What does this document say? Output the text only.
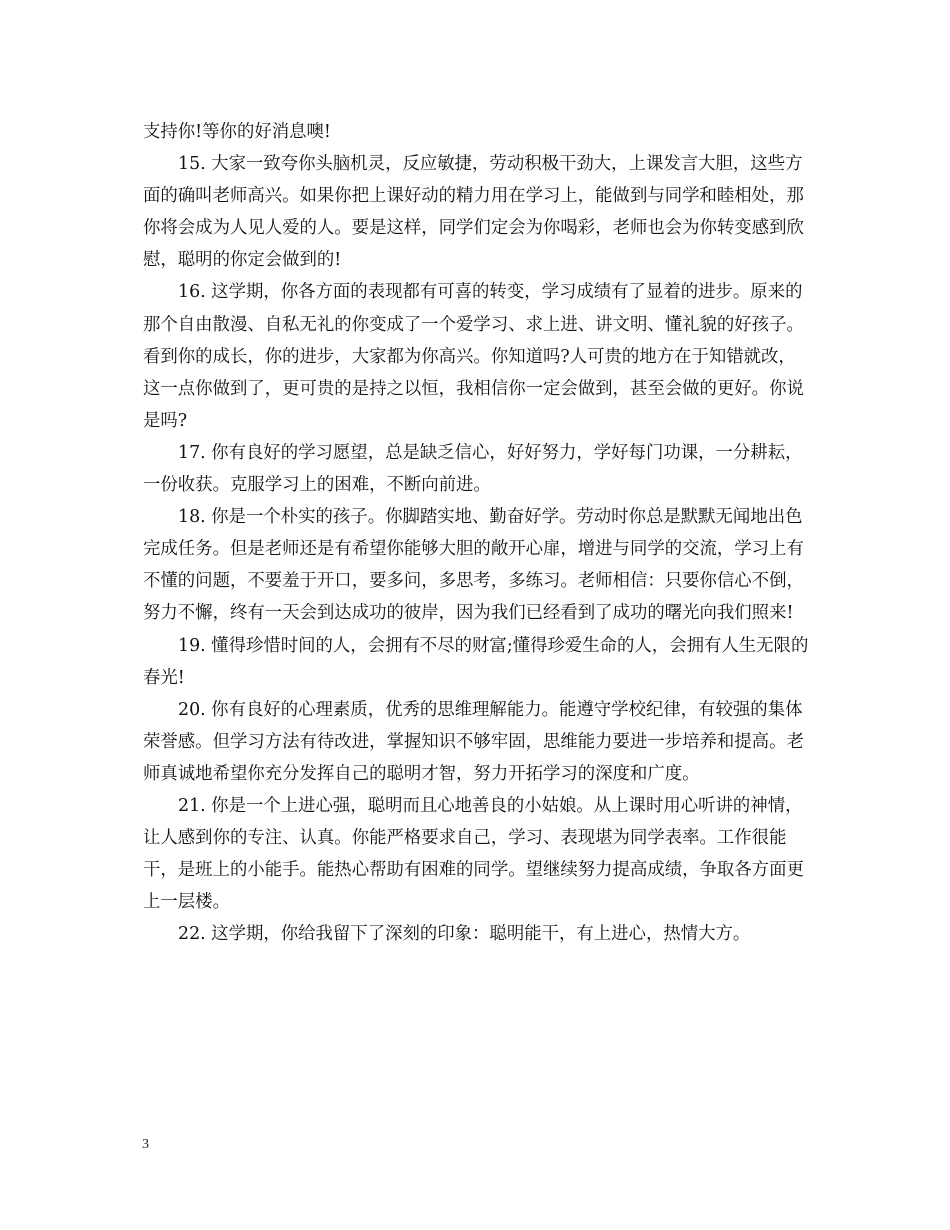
支持你!等你的好消息噢!

15. 大家一致夸你头脑机灵，反应敏捷，劳动积极干劲大，上课发言大胆，这些方面的确叫老师高兴。如果你把上课好动的精力用在学习上，能做到与同学和睦相处，那你将会成为人见人爱的人。要是这样，同学们定会为你喝彩，老师也会为你转变感到欣慰，聪明的你定会做到的!

16. 这学期，你各方面的表现都有可喜的转变，学习成绩有了显着的进步。原来的那个自由散漫、自私无礼的你变成了一个爱学习、求上进、讲文明、懂礼貌的好孩子。看到你的成长，你的进步，大家都为你高兴。你知道吗?人可贵的地方在于知错就改，这一点你做到了，更可贵的是持之以恒，我相信你一定会做到，甚至会做的更好。你说是吗?

17. 你有良好的学习愿望，总是缺乏信心，好好努力，学好每门功课，一分耕耘，一份收获。克服学习上的困难，不断向前进。

18. 你是一个朴实的孩子。你脚踏实地、勤奋好学。劳动时你总是默默无闻地出色完成任务。但是老师还是有希望你能够大胆的敞开心扉，增进与同学的交流，学习上有不懂的问题，不要羞于开口，要多问，多思考，多练习。老师相信：只要你信心不倒，努力不懈，终有一天会到达成功的彼岸，因为我们已经看到了成功的曙光向我们照来!

19. 懂得珍惜时间的人，会拥有不尽的财富;懂得珍爱生命的人，会拥有人生无限的春光!

20. 你有良好的心理素质，优秀的思维理解能力。能遵守学校纪律，有较强的集体荣誉感。但学习方法有待改进，掌握知识不够牢固，思维能力要进一步培养和提高。老师真诚地希望你充分发挥自己的聪明才智，努力开拓学习的深度和广度。

21. 你是一个上进心强，聪明而且心地善良的小姑娘。从上课时用心听讲的神情，让人感到你的专注、认真。你能严格要求自己，学习、表现堪为同学表率。工作很能干，是班上的小能手。能热心帮助有困难的同学。望继续努力提高成绩，争取各方面更上一层楼。

22. 这学期，你给我留下了深刻的印象：聪明能干，有上进心，热情大方。

3
